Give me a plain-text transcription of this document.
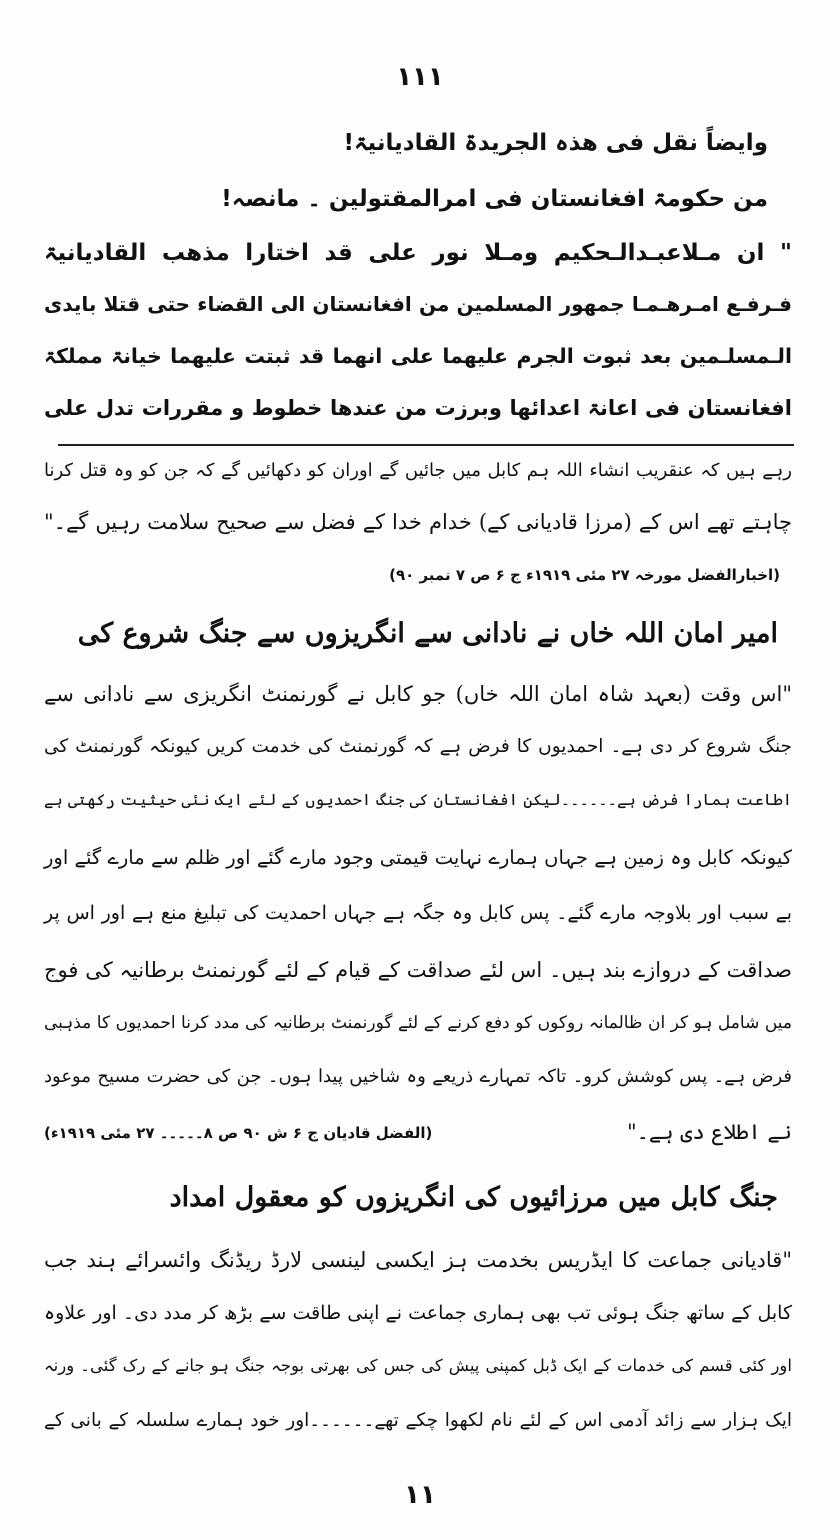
۱۱۱
وایضاً نقل فی ھذہ الجریدۃ القادیانیۃ!
من حکومۃ افغانستان فی امرالمقتولین ۔ مانصہ!
" ان مـلاعبـدالـحکیم ومـلا نور علی قد اختارا مذھب القادیانیۃ
فـرفـع امـرھـمـا جمھور المسلمین من افغانستان الی القضاء حتی قتلا بایدی
الـمسلـمین بعد ثبوت الجرم علیھما علی انھما قد ثبتت علیھما خیانۃ مملکۃ
افغانستان فی اعانۃ اعدائھا وبرزت من عندھا خطوط و مقررات تدل علی
رہے ہیں کہ عنقریب انشاء اللہ ہم کابل میں جائیں گے اوران کو دکھائیں گے کہ جن کو وہ قتل کرنا
چاہتے تھے اس کے (مرزا قادیانی کے) خدام خدا کے فضل سے صحیح سلامت رہیں گے۔"
(اخبارالفضل مورخہ ۲۷ مئی ۱۹۱۹ء ج ۶ ص ۷ نمبر ۹۰)
امیر امان اللہ خاں نے نادانی سے انگریزوں سے جنگ شروع کی
"اس وقت (بعہد شاہ امان اللہ خاں) جو کابل نے گورنمنٹ انگریزی سے نادانی سے
جنگ شروع کر دی ہے۔ احمدیوں کا فرض ہے کہ گورنمنٹ کی خدمت کریں کیونکہ گورنمنٹ کی
اطاعت ہمارا فرض ہے۔۔۔۔۔۔لیکن افغانستان کی جنگ احمدیوں کے لئے ایک نئی حیثیت رکھتی ہے
کیونکہ کابل وہ زمین ہے جہاں ہمارے نہایت قیمتی وجود مارے گئے اور ظلم سے مارے گئے اور
بے سبب اور بلاوجہ مارے گئے۔ پس کابل وہ جگہ ہے جہاں احمدیت کی تبلیغ منع ہے اور اس پر
صداقت کے دروازے بند ہیں۔ اس لئے صداقت کے قیام کے لئے گورنمنٹ برطانیہ کی فوج
میں شامل ہو کر ان ظالمانہ روکوں کو دفع کرنے کے لئے گورنمنٹ برطانیہ کی مدد کرنا احمدیوں کا مذہبی
فرض ہے۔ پس کوشش کرو۔ تاکہ تمہارے ذریعے وہ شاخیں پیدا ہوں۔ جن کی حضرت مسیح موعود
(الفضل قادیان ج ۶ ش ۹۰ ص ۸۔۔۔۔۔ ۲۷ مئی ۱۹۱۹ء)	نے اطلاع دی ہے۔"
جنگ کابل میں مرزائیوں کی انگریزوں کو معقول امداد
"قادیانی جماعت کا ایڈریس بخدمت ہز ایکسی لینسی لارڈ ریڈنگ وائسرائے ہند جب
کابل کے ساتھ جنگ ہوئی تب بھی ہماری جماعت نے اپنی طاقت سے بڑھ کر مدد دی۔ اور علاوہ
اور کئی قسم کی خدمات کے ایک ڈبل کمپنی پیش کی جس کی بھرتی بوجہ جنگ ہو جانے کے رک گئی۔ ورنہ
ایک ہزار سے زائد آدمی اس کے لئے نام لکھوا چکے تھے۔۔۔۔۔۔اور خود ہمارے سلسلہ کے بانی کے
۱۱
